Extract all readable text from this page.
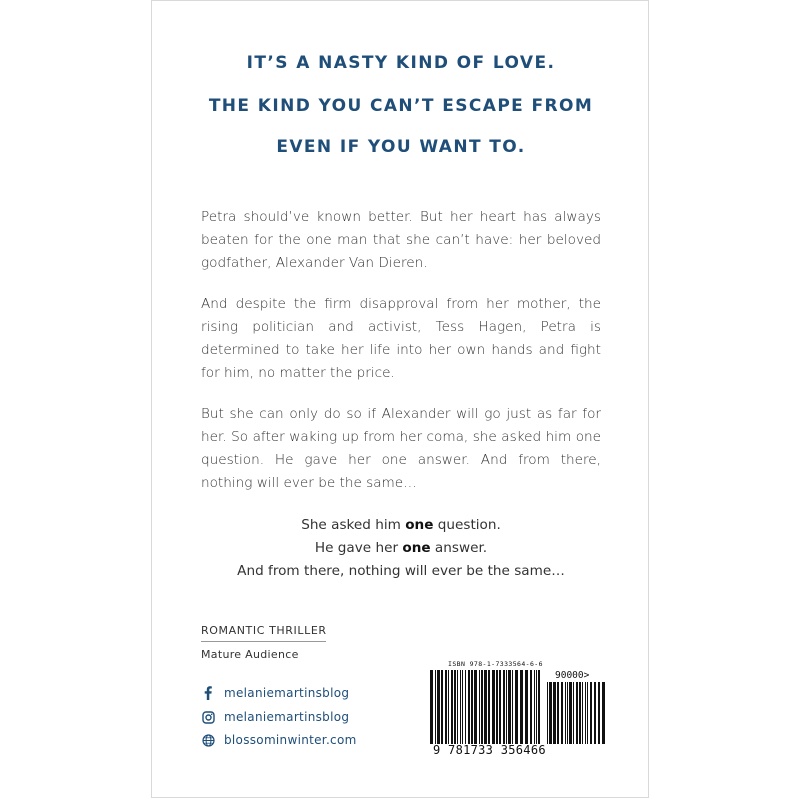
IT’S A NASTY KIND OF LOVE.
THE KIND YOU CAN’T ESCAPE FROM
EVEN IF YOU WANT TO.

Petra should’ve known better. But her heart has always beaten for the one man that she can’t have: her beloved godfather, Alexander Van Dieren.

And despite the firm disapproval from her mother, the rising politician and activist, Tess Hagen, Petra is determined to take her life into her own hands and fight for him, no matter the price.

But she can only do so if Alexander will go just as far for her. So after waking up from her coma, she asked him one question. He gave her one answer. And from there, nothing will ever be the same…

She asked him one question.
He gave her one answer.
And from there, nothing will ever be the same…
ROMANTIC THRILLER
Mature Audience
melaniemartinsblog
melaniemartinsblog
blossominwinter.com
ISBN 978-1-7333564-6-6
90000>
9 781733 356466
